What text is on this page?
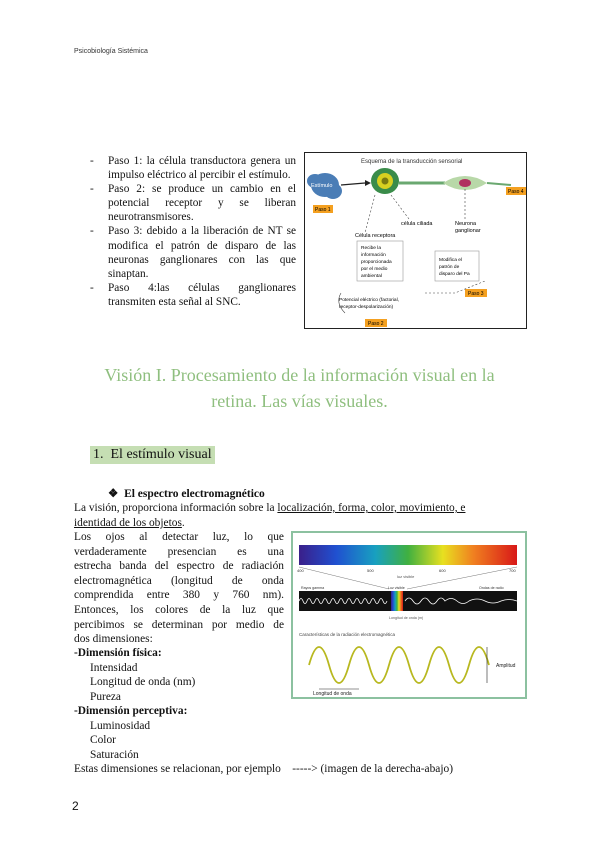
Psicobiología Sistémica
- Paso 1: la célula transductora genera un impulso eléctrico al percibir el estímulo.
- Paso 2: se produce un cambio en el potencial receptor y se liberan neurotransmisores.
- Paso 3: debido a la liberación de NT se modifica el patrón de disparo de las neuronas ganglionares con las que sinaptan.
- Paso 4:las células ganglionares transmiten esta señal al SNC.
Esquema de la transducción sensorial
Estímulo
Paso 1
Paso 4
Paso 3
Paso 2
célula ciliada
Célula receptora
Neurona
ganglionar
Recibe la
información
proporcionada
por el medio
ambiental
Modifica el
patrón de
disparo del Pa
Potencial eléctrico (factorial,
receptor-despolarización)
Visión I. Procesamiento de la información visual en la
retina. Las vías visuales.
1. El estímulo visual
❖ El espectro electromagnético
La visión, proporciona información sobre la localización, forma, color, movimiento, e
identidad de los objetos.
Los ojos al detectar luz, lo que
verdaderamente presencian es una
estrecha banda del espectro de radiación
electromagnética (longitud de onda
comprendida entre 380 y 760 nm).
Entonces, los colores de la luz que
percibimos se determinan por medio de
dos dimensiones:
-Dimensión física:
Intensidad
Longitud de onda (nm)
Pureza
-Dimensión perceptiva:
Luminosidad
Color
Saturación
Estas dimensiones se relacionan, por ejemplo -----> (imagen de la derecha-abajo)
400	500	600	700
luz visible
Rayos gamma	Luz visible	Ondas de radio
Longitud de onda (m)
Características de la radiación electromagnética
Amplitud
Longitud de onda
2
